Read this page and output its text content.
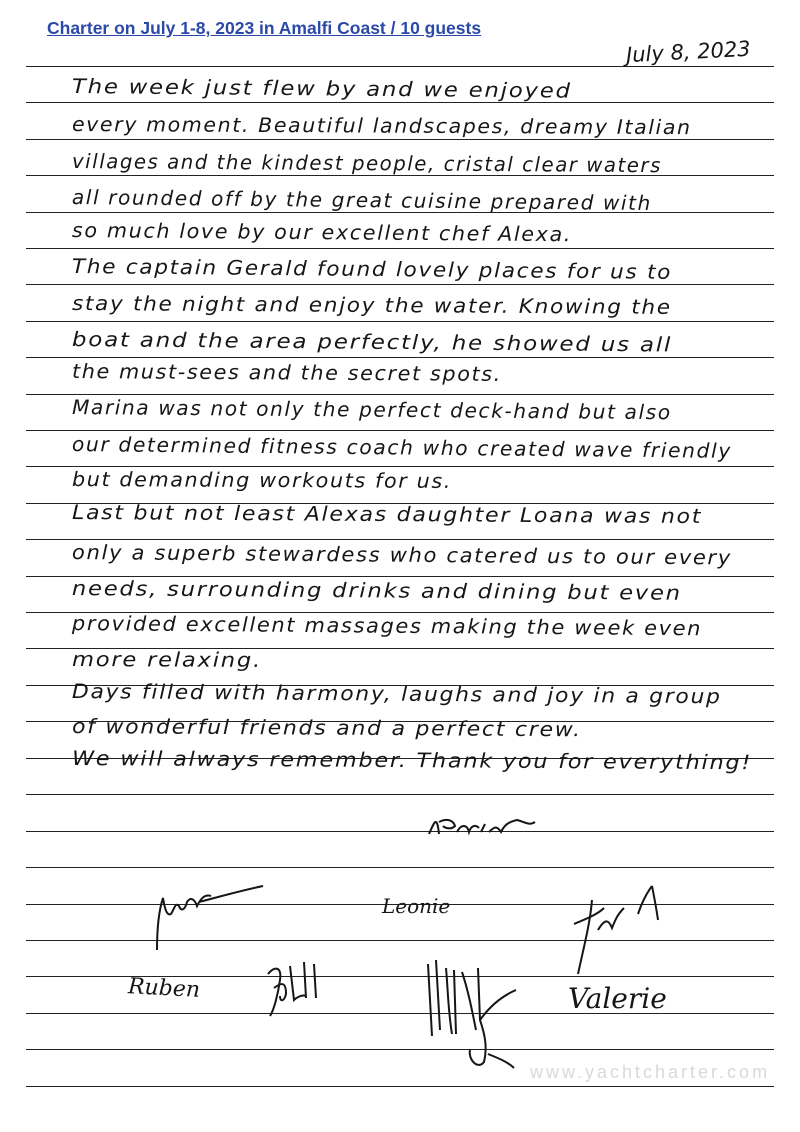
Charter on July 1-8, 2023 in Amalfi Coast / 10 guests
July 8, 2023
The week just flew by and we enjoyed
every moment. Beautiful landscapes, dreamy Italian
villages and the kindest people, cristal clear waters
all rounded off by the great cuisine prepared with
so much love by our excellent chef Alexa.
The captain Gerald found lovely places for us to
stay the night and enjoy the water. Knowing the
boat and the area perfectly, he showed us all
the must-sees and the secret spots.
Marina was not only the perfect deck-hand but also
our determined fitness coach who created wave friendly
but demanding workouts for us.
Last but not least Alexas daughter Loana was not
only a superb stewardess who catered us to our every
needs, surrounding drinks and dining but even
provided excellent massages making the week even
more relaxing.
Days filled with harmony, laughs and joy in a group
of wonderful friends and a perfect crew.
We will always remember. Thank you for everything!
Leonie
Ruben	Valerie
www.yachtcharter.com
